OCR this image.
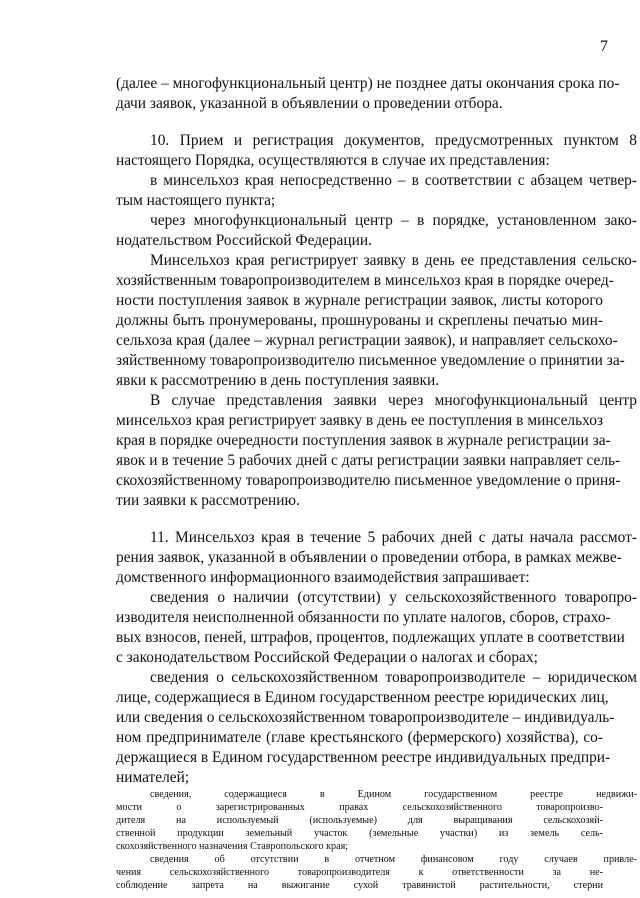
7
(далее – многофункциональный центр) не позднее даты окончания срока по-
дачи заявок, указанной в объявлении о проведении отбора.
10. Прием и регистрация документов, предусмотренных пунктом 8
настоящего Порядка, осуществляются в случае их представления:
в минсельхоз края непосредственно – в соответствии с абзацем четвер-
тым настоящего пункта;
через многофункциональный центр – в порядке, установленном зако-
нодательством Российской Федерации.
Минсельхоз края регистрирует заявку в день ее представления сельско-
хозяйственным товаропроизводителем в минсельхоз края в порядке очеред-
ности поступления заявок в журнале регистрации заявок, листы которого
должны быть пронумерованы, прошнурованы и скреплены печатью мин-
сельхоза края (далее – журнал регистрации заявок), и направляет сельскохо-
зяйственному товаропроизводителю письменное уведомление о принятии за-
явки к рассмотрению в день поступления заявки.
В случае представления заявки через многофункциональный центр
минсельхоз края регистрирует заявку в день ее поступления в минсельхоз
края в порядке очередности поступления заявок в журнале регистрации за-
явок и в течение 5 рабочих дней с даты регистрации заявки направляет сель-
скохозяйственному товаропроизводителю письменное уведомление о приня-
тии заявки к рассмотрению.
11. Минсельхоз края в течение 5 рабочих дней с даты начала рассмот-
рения заявок, указанной в объявлении о проведении отбора, в рамках межве-
домственного информационного взаимодействия запрашивает:
сведения о наличии (отсутствии) у сельскохозяйственного товаропро-
изводителя неисполненной обязанности по уплате налогов, сборов, страхо-
вых взносов, пеней, штрафов, процентов, подлежащих уплате в соответствии
с законодательством Российской Федерации о налогах и сборах;
сведения о сельскохозяйственном товаропроизводителе – юридическом
лице, содержащиеся в Едином государственном реестре юридических лиц,
или сведения о сельскохозяйственном товаропроизводителе – индивидуаль-
ном предпринимателе (главе крестьянского (фермерского) хозяйства), со-
держащиеся в Едином государственном реестре индивидуальных предпри-
нимателей;
сведения, содержащиеся в Едином государственном реестре недвижи-
мости о зарегистрированных правах сельскохозяйственного товаропроизво-
дителя на используемый (используемые) для выращивания сельскохозяй-
ственной продукции земельный участок (земельные участки) из земель сель-
скохозяйственного назначения Ставропольского края;
сведения об отсутствии в отчетном финансовом году случаев привле-
чения сельскохозяйственного товаропроизводителя к ответственности за не-
соблюдение запрета на выжигание сухой травянистой растительности, стерни
